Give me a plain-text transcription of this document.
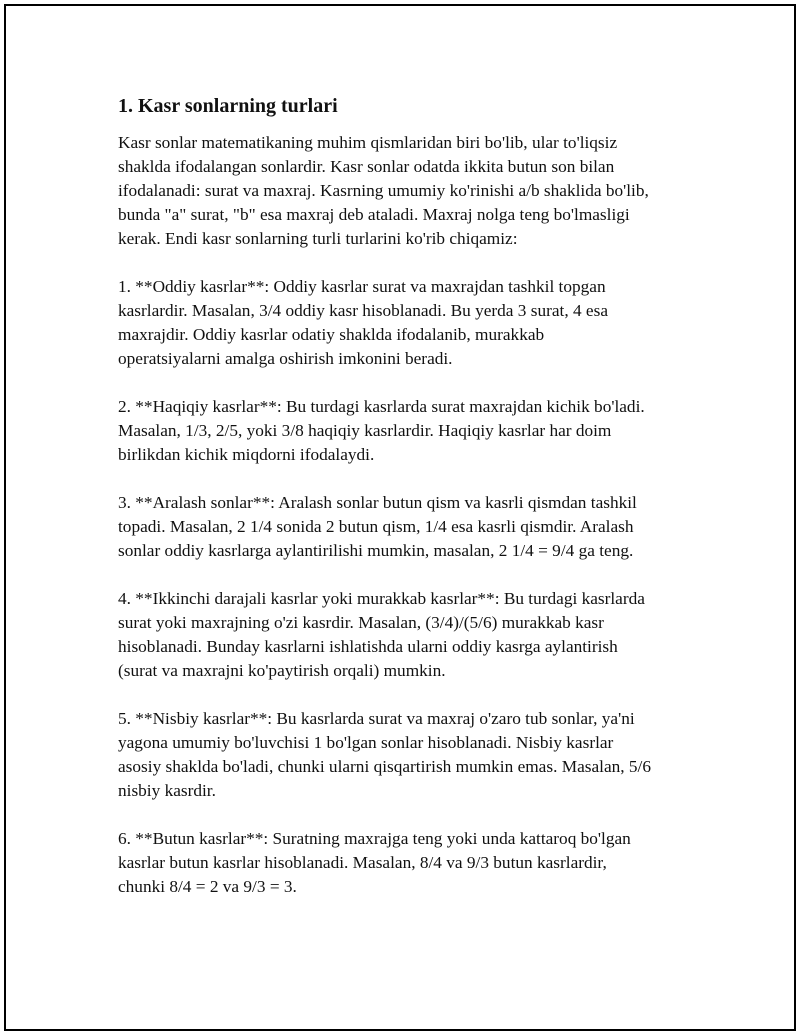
1. Kasr sonlarning turlari

Kasr sonlar matematikaning muhim qismlaridan biri bo'lib, ular to'liqsiz
shaklda ifodalangan sonlardir. Kasr sonlar odatda ikkita butun son bilan
ifodalanadi: surat va maxraj. Kasrning umumiy ko'rinishi a/b shaklida bo'lib,
bunda "a" surat, "b" esa maxraj deb ataladi. Maxraj nolga teng bo'lmasligi
kerak. Endi kasr sonlarning turli turlarini ko'rib chiqamiz:

1. **Oddiy kasrlar**: Oddiy kasrlar surat va maxrajdan tashkil topgan
kasrlardir. Masalan, 3/4 oddiy kasr hisoblanadi. Bu yerda 3 surat, 4 esa
maxrajdir. Oddiy kasrlar odatiy shaklda ifodalanib, murakkab
operatsiyalarni amalga oshirish imkonini beradi.

2. **Haqiqiy kasrlar**: Bu turdagi kasrlarda surat maxrajdan kichik bo'ladi.
Masalan, 1/3, 2/5, yoki 3/8 haqiqiy kasrlardir. Haqiqiy kasrlar har doim
birlikdan kichik miqdorni ifodalaydi.

3. **Aralash sonlar**: Aralash sonlar butun qism va kasrli qismdan tashkil
topadi. Masalan, 2 1/4 sonida 2 butun qism, 1/4 esa kasrli qismdir. Aralash
sonlar oddiy kasrlarga aylantirilishi mumkin, masalan, 2 1/4 = 9/4 ga teng.

4. **Ikkinchi darajali kasrlar yoki murakkab kasrlar**: Bu turdagi kasrlarda
surat yoki maxrajning o'zi kasrdir. Masalan, (3/4)/(5/6) murakkab kasr
hisoblanadi. Bunday kasrlarni ishlatishda ularni oddiy kasrga aylantirish
(surat va maxrajni ko'paytirish orqali) mumkin.

5. **Nisbiy kasrlar**: Bu kasrlarda surat va maxraj o'zaro tub sonlar, ya'ni
yagona umumiy bo'luvchisi 1 bo'lgan sonlar hisoblanadi. Nisbiy kasrlar
asosiy shaklda bo'ladi, chunki ularni qisqartirish mumkin emas. Masalan, 5/6
nisbiy kasrdir.

6. **Butun kasrlar**: Suratning maxrajga teng yoki unda kattaroq bo'lgan
kasrlar butun kasrlar hisoblanadi. Masalan, 8/4 va 9/3 butun kasrlardir,
chunki 8/4 = 2 va 9/3 = 3.
